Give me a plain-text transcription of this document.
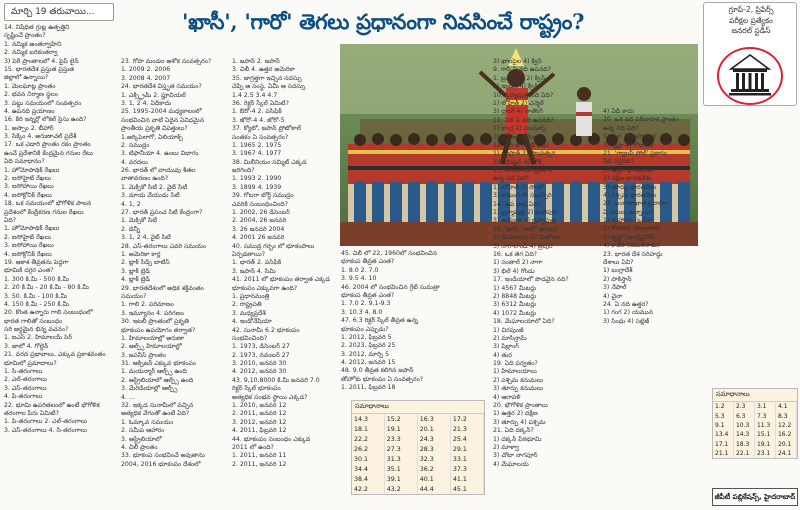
మార్చి 19 తరువాయి...	'ఖాసీ', 'గారో' తెగలు ప్రధానంగా నివసించే రాష్ట్రం?	గ్రూప్-2, ప్రిపేర్స్
పరీక్షల ప్రత్యేకం
జనరల్ స్టడీస్
14. నిషేధిత గ్రుట్ల ఉత్పత్తిని
సృష్టించే ప్రాంతం?
1. నమ్మిక అంతర్వాహిని
2. నమ్మిక బరికంతర్వా
3) పెరీ ప్రాంతాలలో 4. పైప్ లైన్
15. భారతదేశ ప్రస్తుత ప్రస్తుత
జిల్లాలో ఉన్నాయి?
1. మెలఘాట్ల ప్రాంతం
2. భవన నిర్మాణ స్థలం
3. పట్టు సమయంలో సంవత్సరం
4. ఉపనది ప్రయాణం
16. కిరి ఇన్నర్లో లోకల్ సైసు ఉంది?
1. అస్సాం 2. బీహార్
3. సిక్కిం 4. అరుణాచల్ ప్రదేశ్
17. ఒక ఎడారి ప్రాంతం రకం ప్రాంతం
ఉంచే ప్రదేశానికి కేంద్రమైన గనుల రేటు
ఏది సమాధానం?
1. హోమోపాథిక్ రేఖలు
2. ఐసోహైట్ రేఖలు
3. ఐసోహాయి రేఖలు
4. ఐసోక్రోనిక్ రేఖలు
18. ఒక సమయంలో భౌగోళిక పాలన
ప్రదేశంలో కేంద్రీకరణ గనుల రేఖలు
ఏది?
1. హోమోపాథిక్ రేఖలు
2. ఐసోహైట్ రేఖలు
3. ఐసోహాయి రేఖలు
4. ఐసోక్రోనిక్ రేఖలు
19. ఆకాశ తీవ్రతను పెద్దగా
భూమికి దగ్గర ఎంత?
1. 300 కి.మీ - 500 కి.మీ
2. 20 కి.మీ - 20 కి.మీ - 80 కి.మీ
3. 50. కి.మీ - 100 కి.మీ
4. 150 కి.మీ - 250 కి.మీ
20. కొంత ఉన్నారు గాలి సంబంధంలో
భారత గాలితో సంబంధం
సరి అర్ధమైన భిన్న వచనం?
1. ఐఎస్ 2. హిమాలయ్ సెర్
3. జాలో 4. గోల్డెన్
21. వరద ప్రభావాలు, ఎక్కువ ప్రకాశవంతం
భూమిలో ప్రమాదాలు?
1. సి-తరంగాలు
2. ఎల్-తరంగాలు
3. ఎస్-తరంగాలు
4. పి-తరంగాలు
22. భూమి ఉపరితలంలో ఉంటే భౌగోళిక
తరంగాల పేరు ఏమిటి?
1. పి-తరంగాలు 2. ఎల్-తరంగాలు
3. ఎస్-తరంగాలు 4. సి-తరంగాలు
23. గోపా మండల అశోక సంవత్సరం?
1. 2009 2. 2006
3. 2008 4. 2007
24. భారతదేశ విస్తృత సమయం?
1. ఎక్స్ట్రీమ్ 2. ఫ్లూవియల్
3. 1, 2 4. ఏదీకాదు
25. 1995-2004 మధ్యకాలంలో
సంభవించిన వాటి ఏదైన ఏవిధమైన
ప్రాంతీయ ప్రకృతి విపత్తులు?
1.ఆర్కిపెలాగో, ఏలియాక్స్
2. సముద్రం
3. టిఫానీయా 4. ఉంబు విభాగం
4. వరదలు
26. భారత్ లో వాయువు శీతల
వాతావరణం ఉంది?
1. మెక్సికో సిటీ 2. వైట్ సిటీ
3. మాయ వేయుడు సిటీ
4. 1, 2
27. భారత్ ప్రపంచ సిటీ కేంద్రంగా?
1. మెక్సికో సిటీ
2. డెన్నీ
3. 1, 2 4. వైట్ సిటీ
28. ఎస్-తరంగాలు ఎవరి సమయం
1. అమెరికా కార్ల
2. బ్లాక్ సీడ్స్ బాటిస్
3. బ్లాక్ బ్రెడ్
4. బ్లాక్ బ్రెడ్
29. భారతదేశంలో అధిక శక్తివంతం
సమయం?
1. గాలి 2. పరిమాణం
3. ఇమ్యూనం 4. పరిగణం
30. ఇటలీ ప్రాంతంలో ప్రకృతి
భూకంపం ఉపయోగం తర్వాత?
1. హిమాలయాల్లో అరుణా
2. ఆల్ప్స్ హిమాలయాల్లో
3. జపనీస్ ప్రాంతం
31. ఆక్సిజన్ ఎక్కువ భూకంపం
1. మయన్మార్ ఆల్ప్స్ ఉంది
2. ఆస్ట్రేలియాలో ఆల్ప్స్ ఉంది
3. మేరిడియాల్లో ఆల్ప్స్
4. ...
32. ఇక్కడ సునామీలో వచ్చిన
అత్యధిక వేగంతో ఉంటే ఏది?
1. ఓమ్కావ సమయం
2. సమీప ఆహారం
3. ఆస్ట్రేలియాలో
4. చిలీ ప్రాంతం
33. భూకంప సంభవించే అవుతాను
2004, 2016 భూకంపం దేశంలో
1. జపాన్ 2. జపాన్
3. చిలీ 4. ఉత్తర అమెరికా
35. జాగ్రత్తగా ఇచ్చిన సదస్సు
చెప్పి ఆ సంస్థ, ఏమీ ఆ సదస్సు
1.4 2.5 3.4 4.7
36. రెక్టర్ స్కేల్ ఏమిటి?
1. ఔరో-4 2. పసిఫిక్
3. జోరో-4 4. జోరో-5
37. క్యోటో, జపాన్ ప్రోటోకాల్
సంతకం ఏ సంవత్సరం?
1. 1965 2. 1975
3. 1967 4. 1977
38. మిలీనియం సమ్మిట్ ఎక్కడ
జరిగింది?
1. 1993 2. 1990
3. 1899 4. 1939
39. గోబరా బోర్డ్ సముద్రం
ఎవరికి సంబంధించింది?
1. 2002, 26 డిసెంబర్
2. 2004, 26 జనవరి
3. 26 జనవరి 2004
4. 2001 26 జనవరి
40. సముద్ర గర్భం లో భూకంపాలు
ఏర్పడతాయి?
1. భారత్ 2. పసిఫిక్
3. జపాన్ 4. సిమి
41. 2011 లో భూకంపం తర్వాత ఎక్కడ
భూకంపం ఎక్కువగా ఉంది?
1. ప్రధానమంత్రి
2. రాష్ట్రపతి
3. మధ్యప్రదేశ్
4. ఇండోనేషియా
42. సునామీ 6.2 భూకంపం
సంభవించింది?
1. 1973, డిసెంబర్ 27
2. 1973, నవంబర్ 27
3. 2010, జనవరి 30
4. 2012, జనవరి 30
43. 9,10,8000 కి.మీ జనవరి 7.0
రిక్టర్ స్కేల్ భూకంపం
అత్యధిక సంభవ స్థాయి ఎక్కడ?
1. 2010, జనవరి 12
2. 2011, జనవరి 12
3. 2012, జనవరి 12
4. 2011, ఫిబ్రవరి 12
44. భూకంపం సంబంధం ఎక్కువ
2011 లో ఉంది?
1. 2011, జనవరి 11
2. 2011, జనవరి 12
45. చిలీ లో 22, 1960లో సంభవించిన
భూకంప తీవ్రత ఎంత?
1. 8.0 2. 7.0
3. 9.5 4. 10
46. 2004 లో సంభవించిన గ్రేట్ సుమత్రా
భూకంప తీవ్రత ఎంత?
1. 7.0 2. 9.1-9.3
3. 10.3 4. 8.0
47. 6.3 రిక్టర్ స్కేల్ తీవ్రత ఉన్న
భూకంపం ఎప్పుడు?
1. 2012, ఫిబ్రవరి 5
2. 2023, ఫిబ్రవరి 25
3. 2012, మార్చి 5
4. 2012, జనవరి 15
48. 9.0 తీవ్రత కలిగిన జపాన్
తోహోకు భూకంపం ఏ సంవత్సరం?
1. 2011, ఫిబ్రవరి 18
సమాధానాలు
14.3	15.2	16.3	17.2
18.1	19.1	20.1	21.3
22.2	23.3	24.3	25.4
26.2	27.3	28.3	29.1
30.1	31.3	32.3	33.1
34.4	35.1	36.2	37.3
38.4	39.1	40.1	41.1
42.2	43.2	44.4	45.1
3) ఖాలపైల 4) క్వీన్
9. గాసి ఏ నది ఉపనది?
1. బ్రహ్మపుత్ర 2) క్వీన్
3) ఇండస్ 4) క్వీన్
10. బ్రహ్మపుత్ర నది ఏది?
1) లోహిత్ 2) ఎన్మెల్
3) ద్రాంగ్ 4) నాతొంగ్
11. ఏది ఏ నది ఉపనది?
1) కాంగ్ల 2) ఫలమల్స్
3) అలకా 4) నైనాల్
12. బేర్ జోగిరాడ్ ఏది?
1) రూప్రాత్ 2) సాంవత్సర
3) ఉమిషైవ్ 4) జోక్
13. అరుణాచల్ ప్రదేశ్ లో
ఉన్న నది ఏది?
1) లోహిత్ 2) సాంకో
3) కామంగ్ 4) సుబన్సిరి
14. ఉప భాష ఏది?
1) బ్రహ్మపుత్ర 2) మణిపురి
3) జయంతి 4) బ్రహ్మపుత్ర
15. 'ఖాసీ', 'గారో' తెగలు?
1) మేఘాలయ 2) మిజోరాం
3) నాగాలాండ్ 4) త్రిపుర
16. ఒక తెగ ఏది?
1) సంతాల్ 2) నాగా
3) భిల్ 4) గోండు
17. ఇండియాలో పొడవైన నది?
1) 4567 మీటర్లు
2) 8848 మీటర్లు
3) 6312 మీటర్లు
4) 1072 మీటర్లు
18. మేఘాలయాలో ఏది?
1) చిరపుంజీ
2) మాసిన్రామ్
3) షిల్లాంగ్
4) తుర
19. ఏది పర్వతం?
1) హిమాలయాలు
2) పశ్చిమ కనుమలు
3) తూర్పు కనుమలు
4) ఆరావళి
20. భౌగోళిక ప్రాంతాలు
1) ఉత్తర 2) దక్షిణ
3) తూర్పు 4) పశ్చిమ
21. ఏది దక్కన్?
1) దక్కన్ పీఠభూమి
2) మాళ్వా
3) చోటా నాగపూర్
4) మేఘాలయ
4) ఏదీ కాదు
20. ఒక నది పరీవాహక ప్రాంతం
ఉన్న నది ఏది?
1) గంగ 2) బ్రహ్మపుత్ర
3) కృష్ణా 4) గోదావరి
21. 'గ్యాలప్ పోల్' ప్రకారం
ఏది సరైనది?
1) ఉత్తర భారతదేశం
2) దక్షిణ భారతదేశం
3) తూర్పు భారతదేశం
4) పశ్చిమ భారతదేశం
22. బంగాళాఖాత ప్రవాహం
ఏ నదులు ఉన్నాయి?
1) మహానది (ఒడిశా)
2) గోదావరి (తెలంగాణ)
3) కృష్ణా (ఆంధ్రప్రదేశ్)
4) కావేరి (తమిళనాడు)
23. భారత దేశ సరిహద్దు
దేశాలు ఏవి?
1) బంగ్లాదేశ్
2) పాకిస్తాన్
3) నేపాల్
4) చైనా
24. ఏ నది ఉత్తర?
1) గంగ 2) యమున
3) సింధు 4) సట్లెజ్
సమాధానాలు
1.2	2.3	3.1	4.1
5.3	6.3	7.3	8.3
9.1	10.3	11.3	12.2
13.4	14.3	15.1	16.2
17.1	18.3	19.1	20.1
21.1	22.1	23.1	24.1
జీపీటీ పబ్లికేషన్స్, హైదరాబాద్
